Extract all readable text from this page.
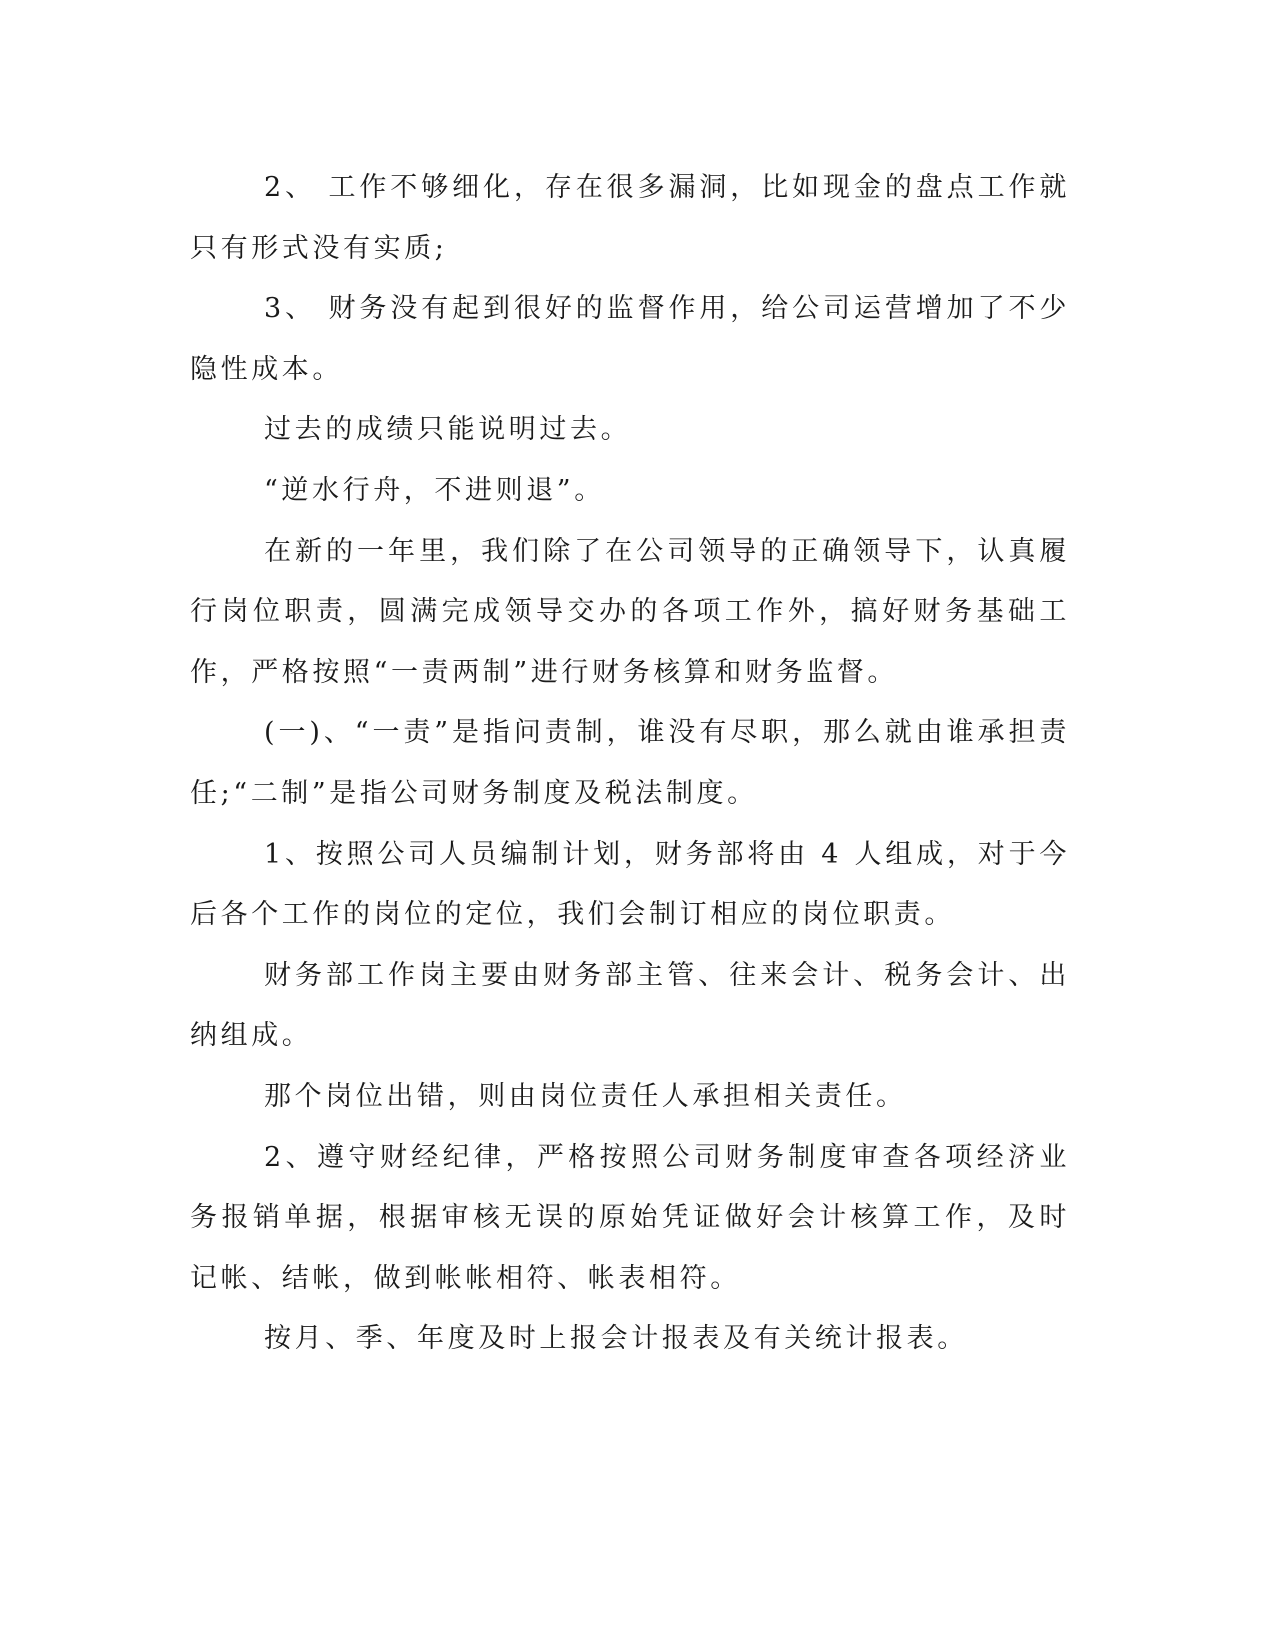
2、 工作不够细化，存在很多漏洞，比如现金的盘点工作就只有形式没有实质;

3、 财务没有起到很好的监督作用，给公司运营增加了不少隐性成本。

过去的成绩只能说明过去。

“逆水行舟，不进则退”。

在新的一年里，我们除了在公司领导的正确领导下，认真履行岗位职责，圆满完成领导交办的各项工作外，搞好财务基础工作，严格按照“一责两制”进行财务核算和财务监督。

(一)、“一责”是指问责制，谁没有尽职，那么就由谁承担责任;“二制”是指公司财务制度及税法制度。

1、按照公司人员编制计划，财务部将由 4 人组成，对于今后各个工作的岗位的定位，我们会制订相应的岗位职责。

财务部工作岗主要由财务部主管、往来会计、税务会计、出纳组成。

那个岗位出错，则由岗位责任人承担相关责任。

2、遵守财经纪律，严格按照公司财务制度审查各项经济业务报销单据，根据审核无误的原始凭证做好会计核算工作，及时记帐、结帐，做到帐帐相符、帐表相符。

按月、季、年度及时上报会计报表及有关统计报表。
